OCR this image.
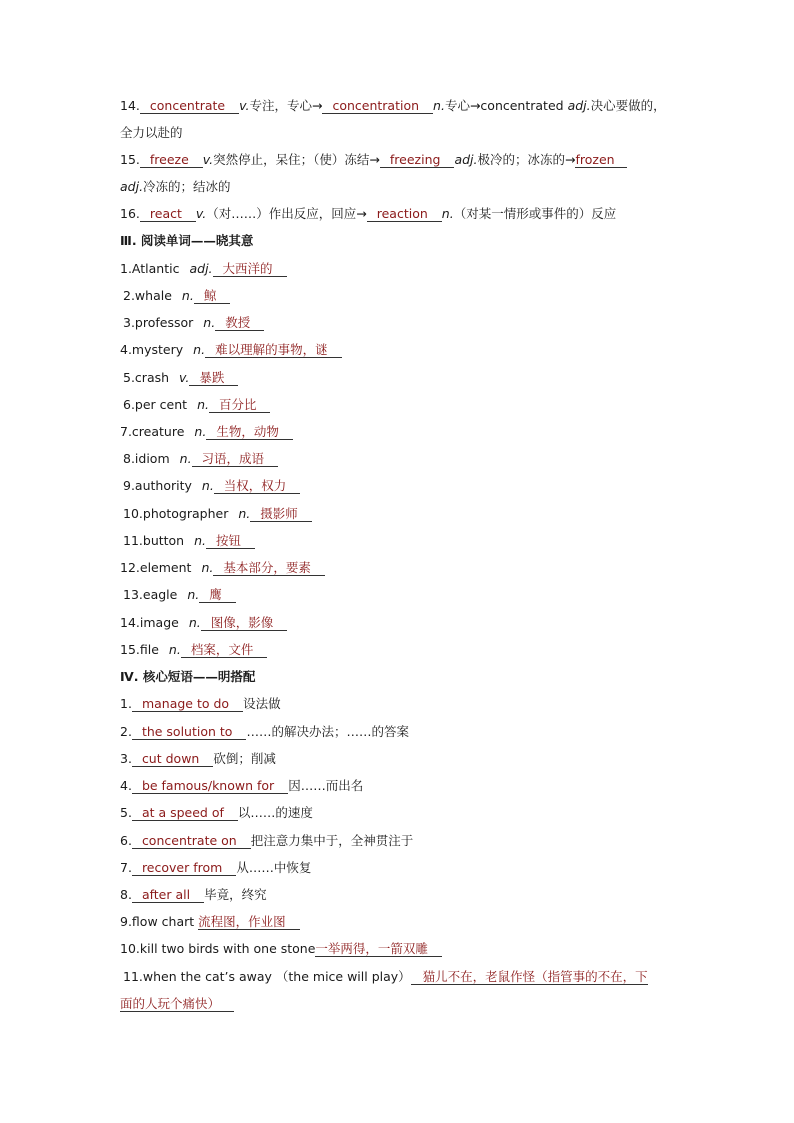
14. concentrate v.专注，专心→ concentration n.专心→concentrated adj.决心要做的，
全力以赴的
15. freeze v.突然停止，呆住；（使）冻结→ freezing adj.极冷的；冰冻的→frozen
adj.冷冻的；结冰的
16. react v.（对……）作出反应，回应→ reaction n.（对某一情形或事件的）反应
Ⅲ. 阅读单词——晓其意
1.Atlantic adj. 大西洋的
2.whale n. 鲸
3.professor n. 教授
4.mystery n. 难以理解的事物，谜
5.crash v. 暴跌
6.per cent n. 百分比
7.creature n. 生物，动物
8.idiom n. 习语，成语
9.authority n. 当权，权力
10.photographer n. 摄影师
11.button n. 按钮
12.element n. 基本部分，要素
13.eagle n. 鹰
14.image n. 图像，影像
15.file n. 档案，文件
Ⅳ. 核心短语——明搭配
1. manage to do 设法做
2. the solution to ……的解决办法；……的答案
3. cut down 砍倒；削减
4. be famous/known for 因……而出名
5. at a speed of 以……的速度
6. concentrate on 把注意力集中于，全神贯注于
7. recover from 从……中恢复
8. after all 毕竟，终究
9.flow chart 流程图，作业图
10.kill two birds with one stone一举两得，一箭双雕
11.when the cat’s away （the mice will play） 猫儿不在，老鼠作怪（指管事的不在，下
面的人玩个痛快）
